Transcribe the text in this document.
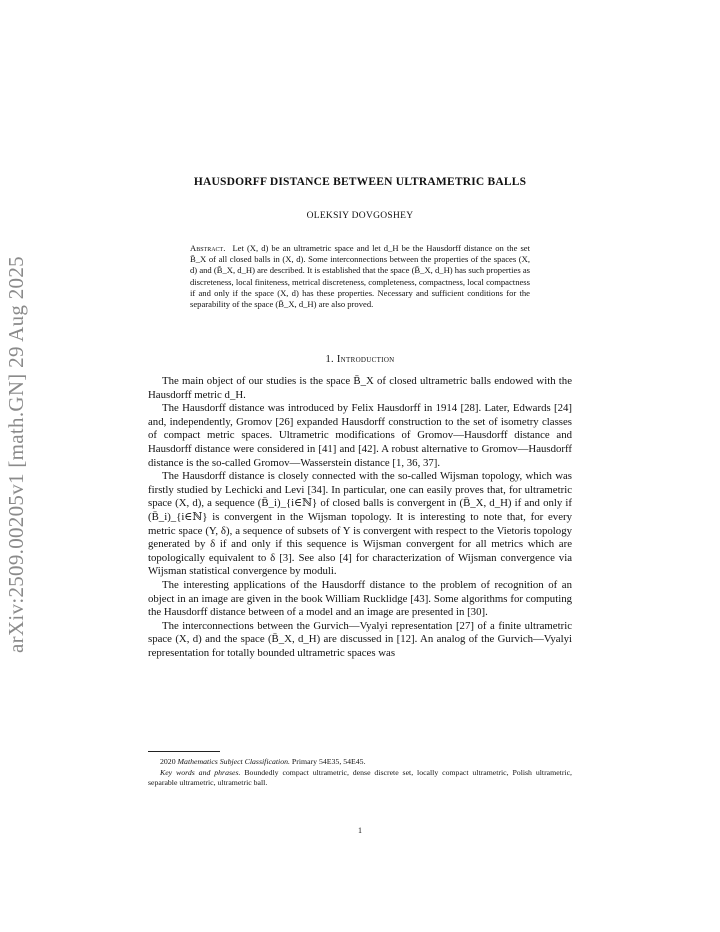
arXiv:2509.00205v1 [math.GN] 29 Aug 2025
HAUSDORFF DISTANCE BETWEEN ULTRAMETRIC BALLS
OLEKSIY DOVGOSHEY
Abstract. Let (X, d) be an ultrametric space and let d_H be the Hausdorff distance on the set B̄_X of all closed balls in (X, d). Some interconnections between the properties of the spaces (X, d) and (B̄_X, d_H) are described. It is established that the space (B̄_X, d_H) has such properties as discreteness, local finiteness, metrical discreteness, completeness, compactness, local compactness if and only if the space (X, d) has these properties. Necessary and sufficient conditions for the separability of the space (B̄_X, d_H) are also proved.
1. Introduction

The main object of our studies is the space B̄_X of closed ultrametric balls endowed with the Hausdorff metric d_H.

The Hausdorff distance was introduced by Felix Hausdorff in 1914 [28]. Later, Edwards [24] and, independently, Gromov [26] expanded Hausdorff construction to the set of isometry classes of compact metric spaces. Ultrametric modifications of Gromov—Hausdorff distance and Hausdorff distance were considered in [41] and [42]. A robust alternative to Gromov—Hausdorff distance is the so-called Gromov—Wasserstein distance [1, 36, 37].

The Hausdorff distance is closely connected with the so-called Wijsman topology, which was firstly studied by Lechicki and Levi [34]. In particular, one can easily proves that, for ultrametric space (X, d), a sequence (B̄_i)_{i∈ℕ} of closed balls is convergent in (B̄_X, d_H) if and only if (B̄_i)_{i∈ℕ} is convergent in the Wijsman topology. It is interesting to note that, for every metric space (Y, δ), a sequence of subsets of Y is convergent with respect to the Vietoris topology generated by δ if and only if this sequence is Wijsman convergent for all metrics which are topologically equivalent to δ [3]. See also [4] for characterization of Wijsman convergence via Wijsman statistical convergence by moduli.

The interesting applications of the Hausdorff distance to the problem of recognition of an object in an image are given in the book William Rucklidge [43]. Some algorithms for computing the Hausdorff distance between of a model and an image are presented in [30].

The interconnections between the Gurvich—Vyalyi representation [27] of a finite ultrametric space (X, d) and the space (B̄_X, d_H) are discussed in [12]. An analog of the Gurvich—Vyalyi representation for totally bounded ultrametric spaces was

2020 Mathematics Subject Classification. Primary 54E35, 54E45.

Key words and phrases. Boundedly compact ultrametric, dense discrete set, locally compact ultrametric, Polish ultrametric, separable ultrametric, ultrametric ball.

1
